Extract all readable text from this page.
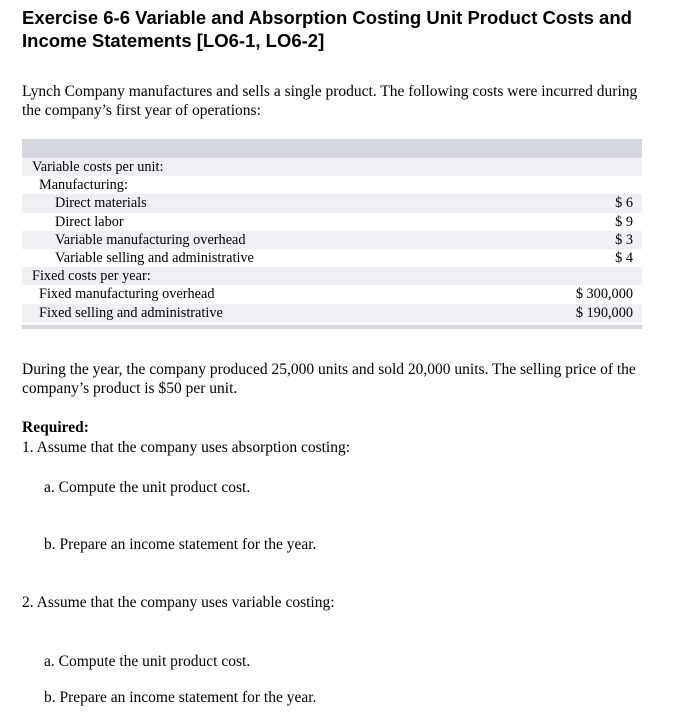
Exercise 6-6 Variable and Absorption Costing Unit Product Costs and Income Statements [LO6-1, LO6-2]

Lynch Company manufactures and sells a single product. The following costs were incurred during the company’s first year of operations:

Variable costs per unit:
Manufacturing:
Direct materials	$ 6
Direct labor	$ 9
Variable manufacturing overhead	$ 3
Variable selling and administrative	$ 4
Fixed costs per year:
Fixed manufacturing overhead	$ 300,000
Fixed selling and administrative	$ 190,000

During the year, the company produced 25,000 units and sold 20,000 units. The selling price of the company’s product is $50 per unit.

Required:

1. Assume that the company uses absorption costing:

a. Compute the unit product cost.

b. Prepare an income statement for the year.

2. Assume that the company uses variable costing:

a. Compute the unit product cost.

b. Prepare an income statement for the year.
